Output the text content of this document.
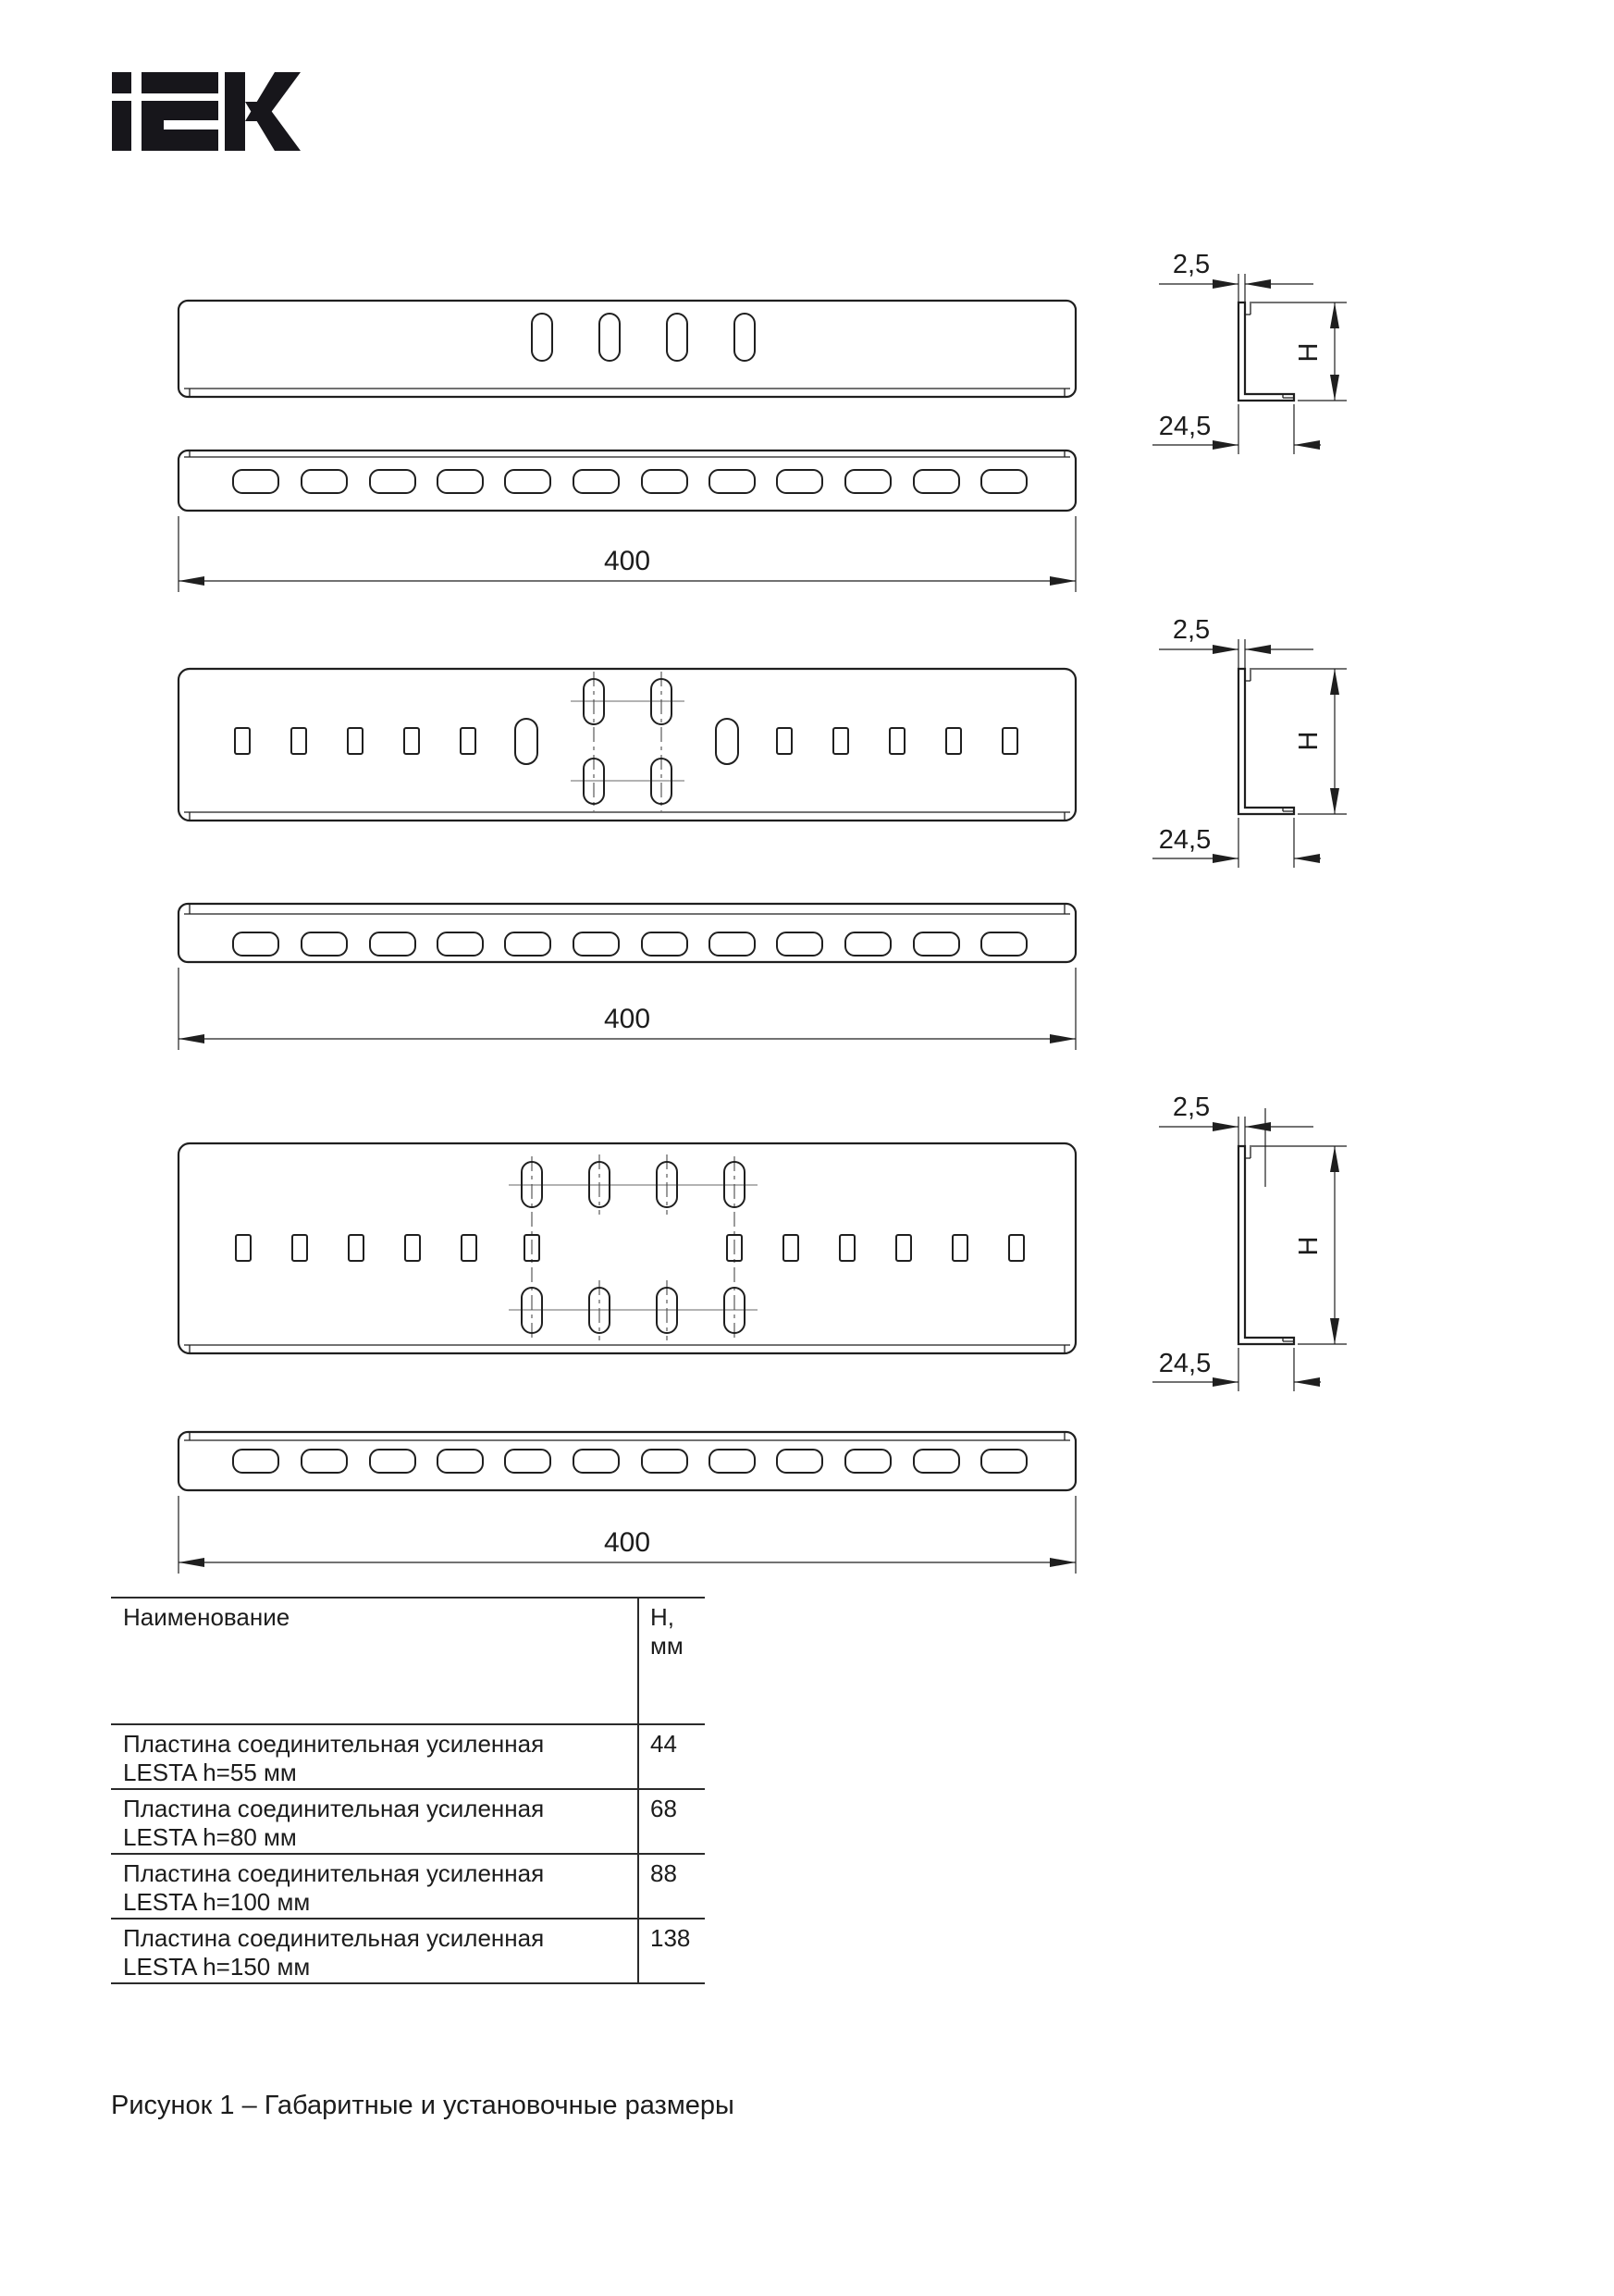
400
2,5
H
24,5
400
2,5
H
24,5
400
2,5
H
24,5
Наименование	H,
мм
Пластина соединительная усиленная
LESTA h=55 мм
44
Пластина соединительная усиленная
LESTA h=80 мм
68
Пластина соединительная усиленная
LESTA h=100 мм
88
Пластина соединительная усиленная
LESTA h=150 мм
138
Рисунок 1 – Габаритные и установочные размеры
